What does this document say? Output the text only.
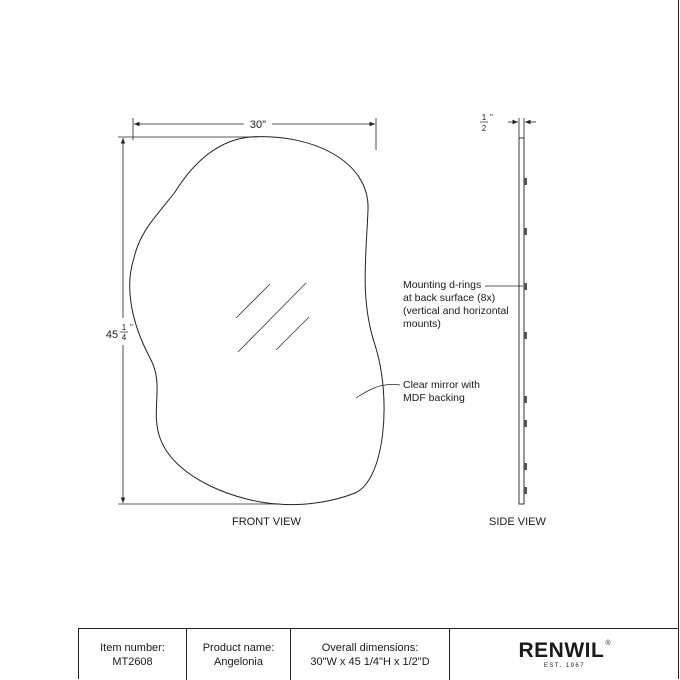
30"
45
1
4
"
1
2
"
Mounting d-rings
at back surface (8x)
(vertical and horizontal
mounts)
Clear mirror with
MDF backing
FRONT VIEW	SIDE VIEW
Item number:
MT2608
Product name:
Angelonia
Overall dimensions:
30"W x 45 1/4"H x 1/2"D	RENWIL ®
EST. 1967
